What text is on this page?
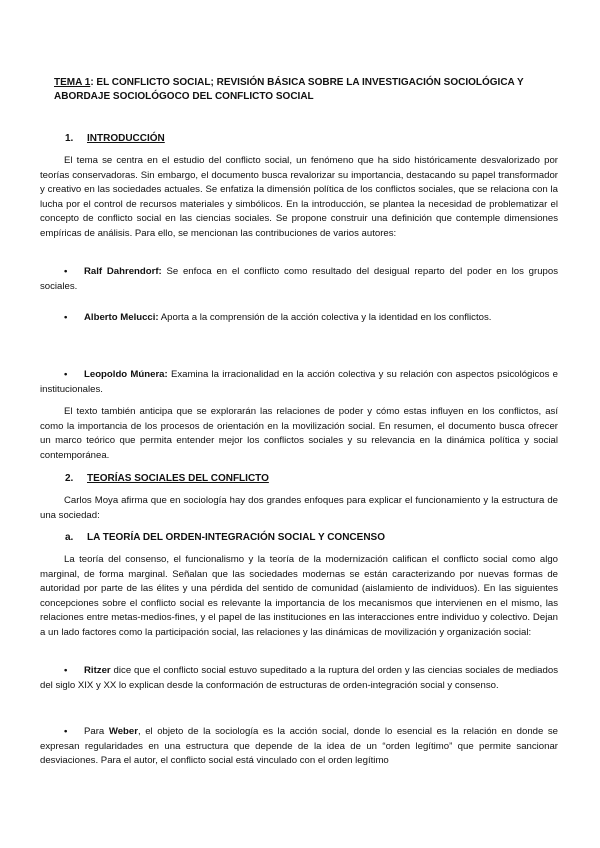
TEMA 1: EL CONFLICTO SOCIAL; REVISIÓN BÁSICA SOBRE LA INVESTIGACIÓN SOCIOLÓGICA Y ABORDAJE SOCIOLÓGOCO DEL CONFLICTO SOCIAL

1. INTRODUCCIÓN

El tema se centra en el estudio del conflicto social, un fenómeno que ha sido históricamente desvalorizado por teorías conservadoras. Sin embargo, el documento busca revalorizar su importancia, destacando su papel transformador y creativo en las sociedades actuales. Se enfatiza la dimensión política de los conflictos sociales, que se relaciona con la lucha por el control de recursos materiales y simbólicos. En la introducción, se plantea la necesidad de problematizar el concepto de conflicto social en las ciencias sociales. Se propone construir una definición que contemple dimensiones empíricas de análisis. Para ello, se mencionan las contribuciones de varios autores:

• Ralf Dahrendorf: Se enfoca en el conflicto como resultado del desigual reparto del poder en los grupos sociales.

• Alberto Melucci: Aporta a la comprensión de la acción colectiva y la identidad en los conflictos.

• Leopoldo Múnera: Examina la irracionalidad en la acción colectiva y su relación con aspectos psicológicos e institucionales.

El texto también anticipa que se explorarán las relaciones de poder y cómo estas influyen en los conflictos, así como la importancia de los procesos de orientación en la movilización social. En resumen, el documento busca ofrecer un marco teórico que permita entender mejor los conflictos sociales y su relevancia en la dinámica política y social contemporánea.

2. TEORÍAS SOCIALES DEL CONFLICTO

Carlos Moya afirma que en sociología hay dos grandes enfoques para explicar el funcionamiento y la estructura de una sociedad:

a. LA TEORÍA DEL ORDEN-INTEGRACIÓN SOCIAL Y CONCENSO

La teoría del consenso, el funcionalismo y la teoría de la modernización califican el conflicto social como algo marginal, de forma marginal. Señalan que las sociedades modernas se están caracterizando por nuevas formas de autoridad por parte de las élites y una pérdida del sentido de comunidad (aislamiento de individuos). En las siguientes concepciones sobre el conflicto social es relevante la importancia de los mecanismos que intervienen en el mismo, las relaciones entre metas-medios-fines, y el papel de las instituciones en las interacciones entre individuo y colectivo. Dejan a un lado factores como la participación social, las relaciones y las dinámicas de movilización y organización social:

• Ritzer dice que el conflicto social estuvo supeditado a la ruptura del orden y las ciencias sociales de mediados del siglo XIX y XX lo explican desde la conformación de estructuras de orden-integración social y consenso.

• Para Weber, el objeto de la sociología es la acción social, donde lo esencial es la relación en donde se expresan regularidades en una estructura que depende de la idea de un “orden legítimo” que permite sancionar desviaciones. Para el autor, el conflicto social está vinculado con el orden legítimo
